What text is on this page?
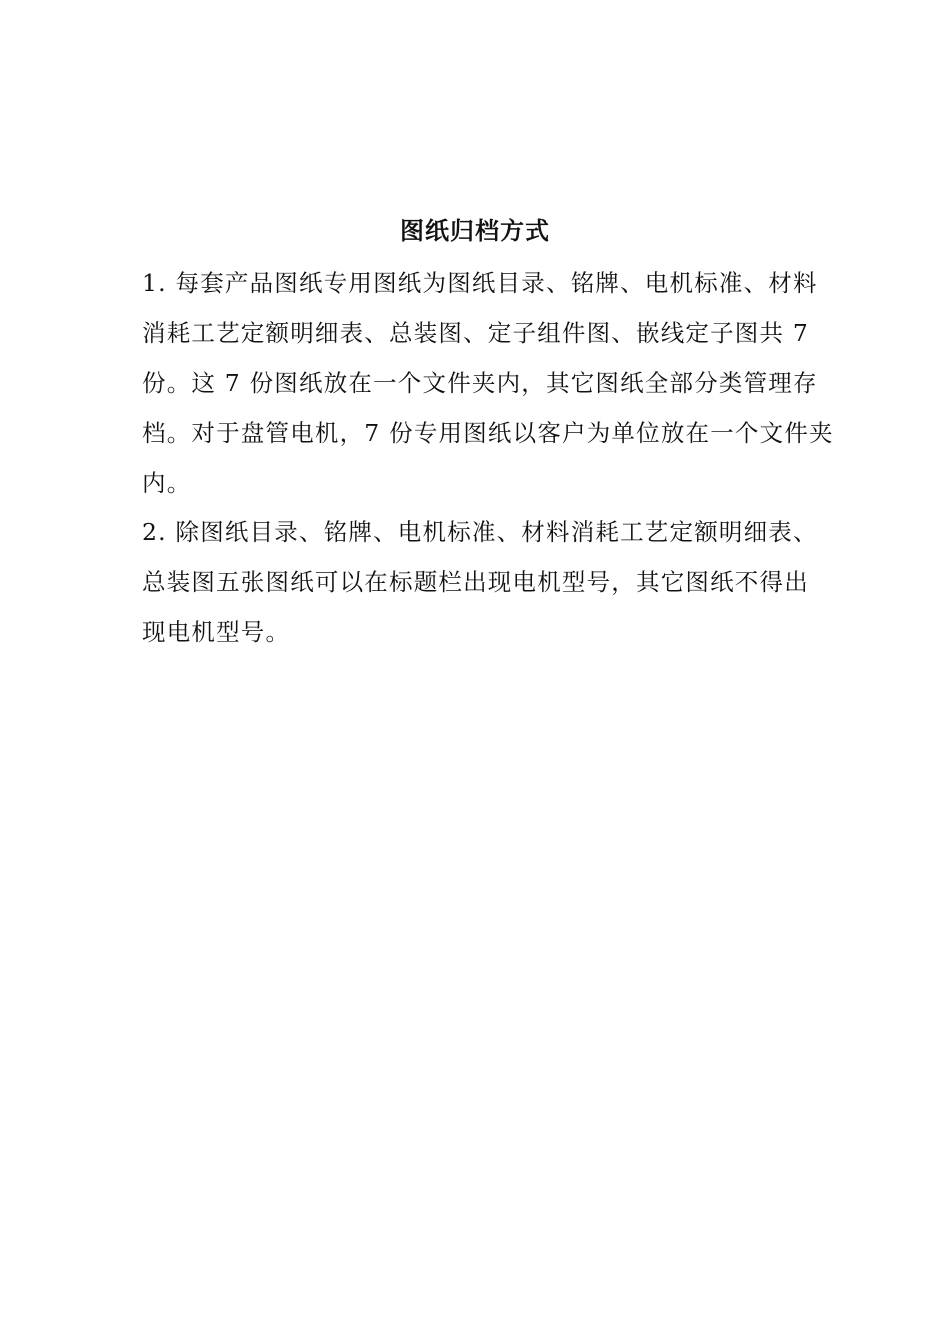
图纸归档方式

1. 每套产品图纸专用图纸为图纸目录、铭牌、电机标准、材料
消耗工艺定额明细表、总装图、定子组件图、嵌线定子图共 7
份。这 7 份图纸放在一个文件夹内，其它图纸全部分类管理存
档。对于盘管电机，7 份专用图纸以客户为单位放在一个文件夹
内。

2. 除图纸目录、铭牌、电机标准、材料消耗工艺定额明细表、
总装图五张图纸可以在标题栏出现电机型号，其它图纸不得出
现电机型号。
